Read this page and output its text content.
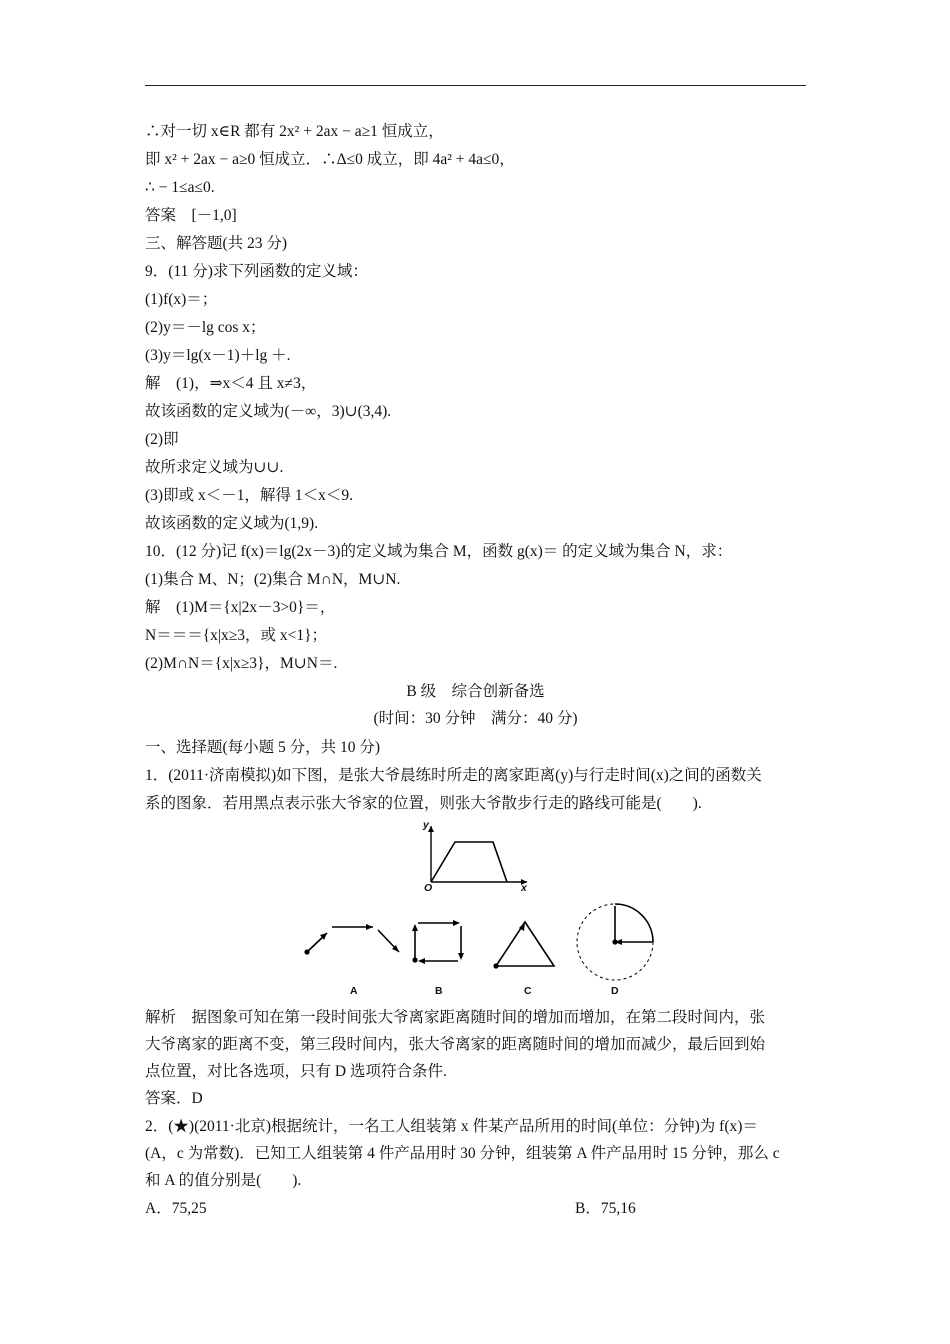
∴对一切 x∈R 都有 2x² + 2ax − a≥1 恒成立，
即 x² + 2ax − a≥0 恒成立．∴Δ≤0 成立，即 4a² + 4a≤0，
∴ − 1≤a≤0.
答案　[－1,0]
三、解答题(共 23 分)
9．(11 分)求下列函数的定义域：
(1)f(x)＝；
(2)y＝－lg cos x；
(3)y＝lg(x－1)＋lg ＋.
解　(1)，⇒x＜4 且 x≠3，
故该函数的定义域为(－∞，3)∪(3,4).
(2)即
故所求定义域为∪∪.
(3)即或 x＜－1，解得 1＜x＜9.
故该函数的定义域为(1,9).
10．(12 分)记 f(x)＝lg(2x－3)的定义域为集合 M，函数 g(x)＝ 的定义域为集合 N，求：
(1)集合 M、N；(2)集合 M∩N，M∪N.
解　(1)M＝{x|2x－3>0}＝，
N＝＝＝{x|x≥3，或 x<1}；
(2)M∩N＝{x|x≥3}，M∪N＝.
B 级　综合创新备选
(时间：30 分钟　满分：40 分)
一、选择题(每小题 5 分，共 10 分)
1．(2011·济南模拟)如下图，是张大爷晨练时所走的离家距离(y)与行走时间(x)之间的函数关
系的图象．若用黑点表示张大爷家的位置，则张大爷散步行走的路线可能是(　　).
y
x
O
A	B	C	D
解析　据图象可知在第一段时间张大爷离家距离随时间的增加而增加，在第二段时间内，张
大爷离家的距离不变，第三段时间内，张大爷离家的距离随时间的增加而减少，最后回到始
点位置，对比各选项，只有 D 选项符合条件.
答案．D
2．(★)(2011·北京)根据统计，一名工人组装第 x 件某产品所用的时间(单位：分钟)为 f(x)＝
(A，c 为常数)．已知工人组装第 4 件产品用时 30 分钟，组装第 A 件产品用时 15 分钟，那么 c
和 A 的值分别是(　　).
A．75,25	B．75,16
